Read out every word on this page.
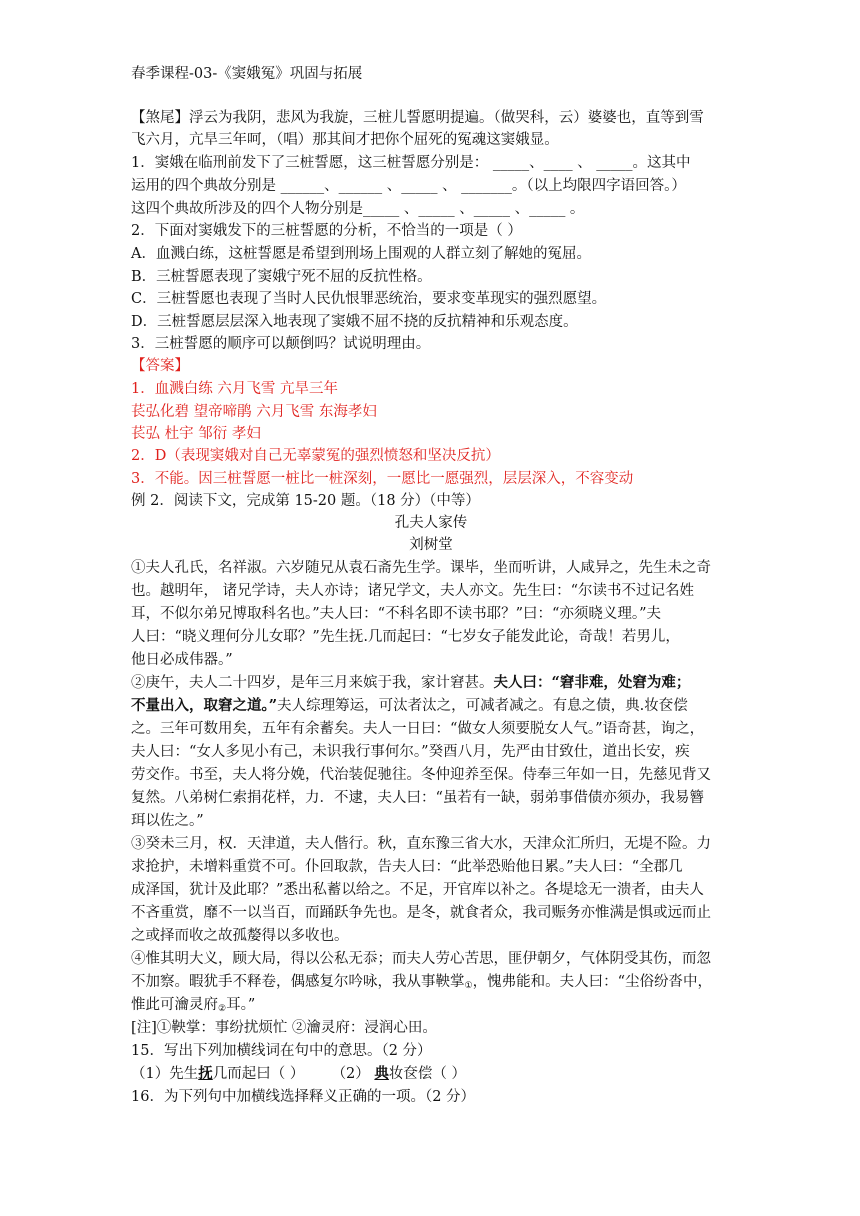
春季课程-03-《窦娥冤》巩固与拓展
【煞尾】浮云为我阴，悲风为我旋，三桩儿誓愿明提遍。（做哭科，云）婆婆也，直等到雪
飞六月，亢旱三年呵，（唱）那其间才把你个屈死的冤魂这窦娥显。
1．窦娥在临刑前发下了三桩誓愿，这三桩誓愿分别是： _____、____ 、 _____。这其中
运用的四个典故分别是 ______、______ 、_____ 、 _______。（以上均限四字语回答。）
这四个典故所涉及的四个人物分别是_____ 、_____ 、_____ 、_____ 。
2．下面对窦娥发下的三桩誓愿的分析，不恰当的一项是（ ）
A．血溅白练，这桩誓愿是希望到刑场上围观的人群立刻了解她的冤屈。
B．三桩誓愿表现了窦娥宁死不屈的反抗性格。
C．三桩誓愿也表现了当时人民仇恨罪恶统治，要求变革现实的强烈愿望。
D．三桩誓愿层层深入地表现了窦娥不屈不挠的反抗精神和乐观态度。
3．三桩誓愿的顺序可以颠倒吗？试说明理由。
【答案】
1．血溅白练 六月飞雪 亢旱三年
苌弘化碧 望帝啼鹃 六月飞雪 东海孝妇
苌弘 杜宇 邹衍 孝妇
2．D（表现窦娥对自己无辜蒙冤的强烈愤怒和坚决反抗）
3．不能。因三桩誓愿一桩比一桩深刻，一愿比一愿强烈，层层深入，不容变动
例 2．阅读下文，完成第 15-20 题。（18 分）（中等）
孔夫人家传
刘树堂
①夫人孔氏，名祥淑。六岁随兄从袁石斋先生学。课毕，坐而听讲，人咸异之，先生未之奇
也。越明年， 诸兄学诗，夫人亦诗；诸兄学文，夫人亦文。先生曰：“尔读书不过记名姓
耳，不似尔弟兄博取科名也。”夫人曰：“不科名即不读书耶？”曰：“亦须晓义理。”夫
人曰：“晓义理何分儿女耶？”先生抚.几而起曰：“七岁女子能发此论，奇哉！若男儿，
他日必成伟器。”
②庚午，夫人二十四岁，是年三月来嫔于我，家计窘甚。夫人曰：“窘非难，处窘为难；
不量出入，取窘之道。”夫人综理筹运，可汰者汰之，可减者减之。有息之债，典.妆奁偿
之。三年可数用矣，五年有余蓄矣。夫人一日曰：“做女人须要脱女人气。”语奇甚，询之，
夫人曰：“女人多见小有己，未识我行事何尔。”癸酉八月，先严由甘致仕，道出长安，疾
劳交作。书至，夫人将分娩，代治装促驰往。冬仲迎养至保。侍奉三年如一日，先慈见背又
复然。八弟树仁索捐花样，力．不逮，夫人曰：“虽若有一缺，弱弟事借债亦须办，我易簪
珥以佐之。”
③癸未三月，权．天津道，夫人偕行。秋，直东豫三省大水，天津众汇所归，无堤不险。力
求抢护，未增料重赏不可。仆回取款，告夫人曰：“此举恐贻他日累。”夫人曰：“全郡几
成泽国，犹计及此耶？”悉出私蓄以给之。不足，开官库以补之。各堤埝无一溃者，由夫人
不吝重赏，靡不一以当百，而踊跃争先也。是冬，就食者众，我司赈务亦惟满是惧或远而止
之或择而收之故孤嫠得以多收也。
④惟其明大义，顾大局，得以公私无忝；而夫人劳心苦思，匪伊朝夕，气体阴受其伤，而忽
不加察。暇犹手不释卷，偶感复尔吟咏，我从事鞅掌①，愧弗能和。夫人曰：“尘俗纷沓中，
惟此可瀹灵府②耳。”
[注]①鞅掌：事纷扰烦忙 ②瀹灵府：浸润心田。
15．写出下列加横线词在句中的意思。（2 分）
（1）先生抚几而起曰（ ） （2） 典妆奁偿（ ）
16．为下列句中加横线选择释义正确的一项。（2 分）
